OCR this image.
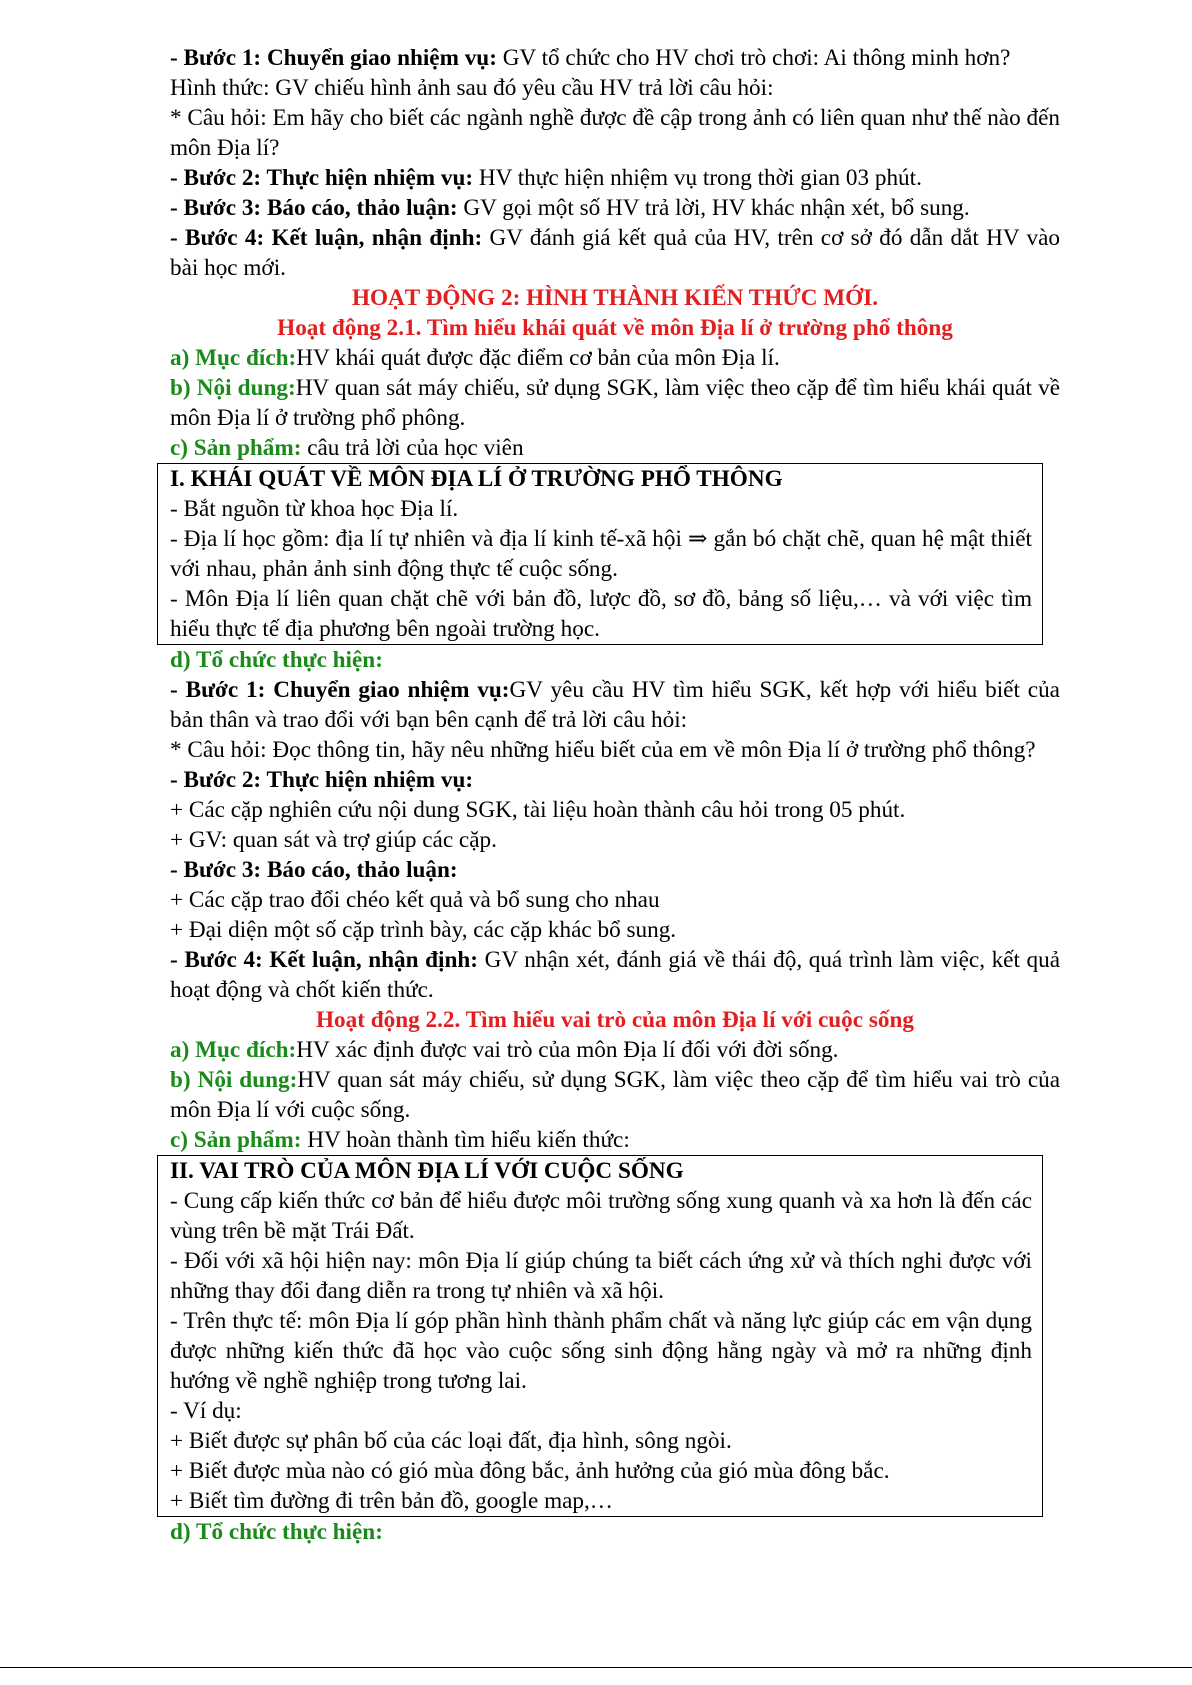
- Bước 1: Chuyển giao nhiệm vụ: GV tổ chức cho HV chơi trò chơi: Ai thông minh hơn?

Hình thức: GV chiếu hình ảnh sau đó yêu cầu HV trả lời câu hỏi:

* Câu hỏi: Em hãy cho biết các ngành nghề được đề cập trong ảnh có liên quan như thế nào đến môn Địa lí?

- Bước 2: Thực hiện nhiệm vụ: HV thực hiện nhiệm vụ trong thời gian 03 phút.

- Bước 3: Báo cáo, thảo luận: GV gọi một số HV trả lời, HV khác nhận xét, bổ sung.

- Bước 4: Kết luận, nhận định: GV đánh giá kết quả của HV, trên cơ sở đó dẫn dắt HV vào bài học mới.

HOẠT ĐỘNG 2: HÌNH THÀNH KIẾN THỨC MỚI.

Hoạt động 2.1. Tìm hiểu khái quát về môn Địa lí ở trường phổ thông

a) Mục đích:HV khái quát được đặc điểm cơ bản của môn Địa lí.

b) Nội dung:HV quan sát máy chiếu, sử dụng SGK, làm việc theo cặp để tìm hiểu khái quát về môn Địa lí ở trường phổ phông.

c) Sản phẩm: câu trả lời của học viên

I. KHÁI QUÁT VỀ MÔN ĐỊA LÍ Ở TRƯỜNG PHỔ THÔNG

- Bắt nguồn từ khoa học Địa lí.

- Địa lí học gồm: địa lí tự nhiên và địa lí kinh tế-xã hội ⇒ gắn bó chặt chẽ, quan hệ mật thiết với nhau, phản ảnh sinh động thực tế cuộc sống.

- Môn Địa lí liên quan chặt chẽ với bản đồ, lược đồ, sơ đồ, bảng số liệu,… và với việc tìm hiểu thực tế địa phương bên ngoài trường học.

d) Tổ chức thực hiện:

- Bước 1: Chuyển giao nhiệm vụ:GV yêu cầu HV tìm hiểu SGK, kết hợp với hiểu biết của bản thân và trao đổi với bạn bên cạnh để trả lời câu hỏi:

* Câu hỏi: Đọc thông tin, hãy nêu những hiểu biết của em về môn Địa lí ở trường phổ thông?

- Bước 2: Thực hiện nhiệm vụ:

+ Các cặp nghiên cứu nội dung SGK, tài liệu hoàn thành câu hỏi trong 05 phút.

+ GV: quan sát và trợ giúp các cặp.

- Bước 3: Báo cáo, thảo luận:

+ Các cặp trao đổi chéo kết quả và bổ sung cho nhau

+ Đại diện một số cặp trình bày, các cặp khác bổ sung.

- Bước 4: Kết luận, nhận định: GV nhận xét, đánh giá về thái độ, quá trình làm việc, kết quả hoạt động và chốt kiến thức.

Hoạt động 2.2. Tìm hiểu vai trò của môn Địa lí với cuộc sống

a) Mục đích:HV xác định được vai trò của môn Địa lí đối với đời sống.

b) Nội dung:HV quan sát máy chiếu, sử dụng SGK, làm việc theo cặp để tìm hiểu vai trò của môn Địa lí với cuộc sống.

c) Sản phẩm: HV hoàn thành tìm hiểu kiến thức:

II. VAI TRÒ CỦA MÔN ĐỊA LÍ VỚI CUỘC SỐNG

- Cung cấp kiến thức cơ bản để hiểu được môi trường sống xung quanh và xa hơn là đến các vùng trên bề mặt Trái Đất.

- Đối với xã hội hiện nay: môn Địa lí giúp chúng ta biết cách ứng xử và thích nghi được với những thay đổi đang diễn ra trong tự nhiên và xã hội.

- Trên thực tế: môn Địa lí góp phần hình thành phẩm chất và năng lực giúp các em vận dụng được những kiến thức đã học vào cuộc sống sinh động hằng ngày và mở ra những định hướng về nghề nghiệp trong tương lai.

- Ví dụ:

+ Biết được sự phân bố của các loại đất, địa hình, sông ngòi.

+ Biết được mùa nào có gió mùa đông bắc, ảnh hưởng của gió mùa đông bắc.

+ Biết tìm đường đi trên bản đồ, google map,…

d) Tổ chức thực hiện:
